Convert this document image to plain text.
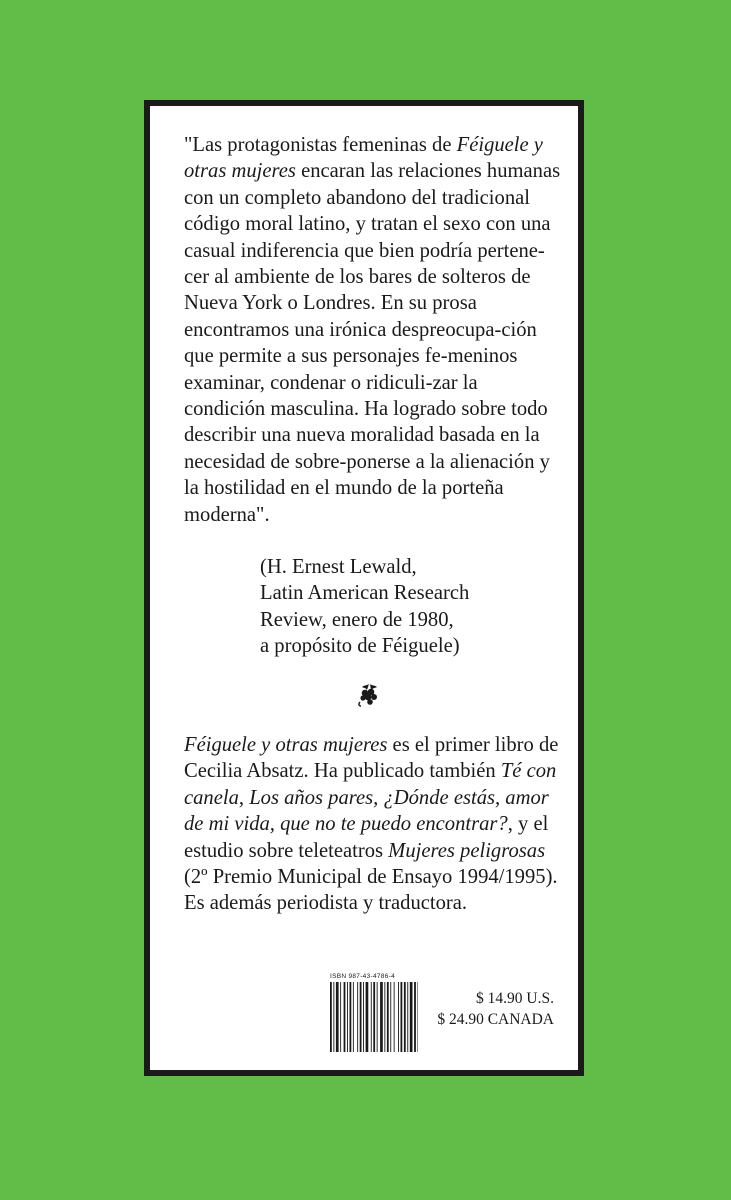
"Las protagonistas femeninas de Féiguele y otras mujeres encaran las relaciones humanas con un completo abandono del tradicional código moral latino, y tratan el sexo con una casual indiferencia que bien podría pertene-cer al ambiente de los bares de solteros de Nueva York o Londres. En su prosa encontramos una irónica despreocupa-ción que permite a sus personajes fe-meninos examinar, condenar o ridiculi-zar la condición masculina. Ha logrado sobre todo describir una nueva moralidad basada en la necesidad de sobre-ponerse a la alienación y la hostilidad en el mundo de la porteña moderna".

(H. Ernest Lewald,
Latin American Research
Review, enero de 1980,
a propósito de Féiguele)

Féiguele y otras mujeres es el primer libro de Cecilia Absatz. Ha publicado también Té con canela, Los años pares, ¿Dónde estás, amor de mi vida, que no te puedo encontrar?, y el estudio sobre teleteatros Mujeres peligrosas (2º Premio Municipal de Ensayo 1994/1995). Es además periodista y traductora.

ISBN 987-43-4786-4
$ 14.90 U.S.
$ 24.90 CANADA
